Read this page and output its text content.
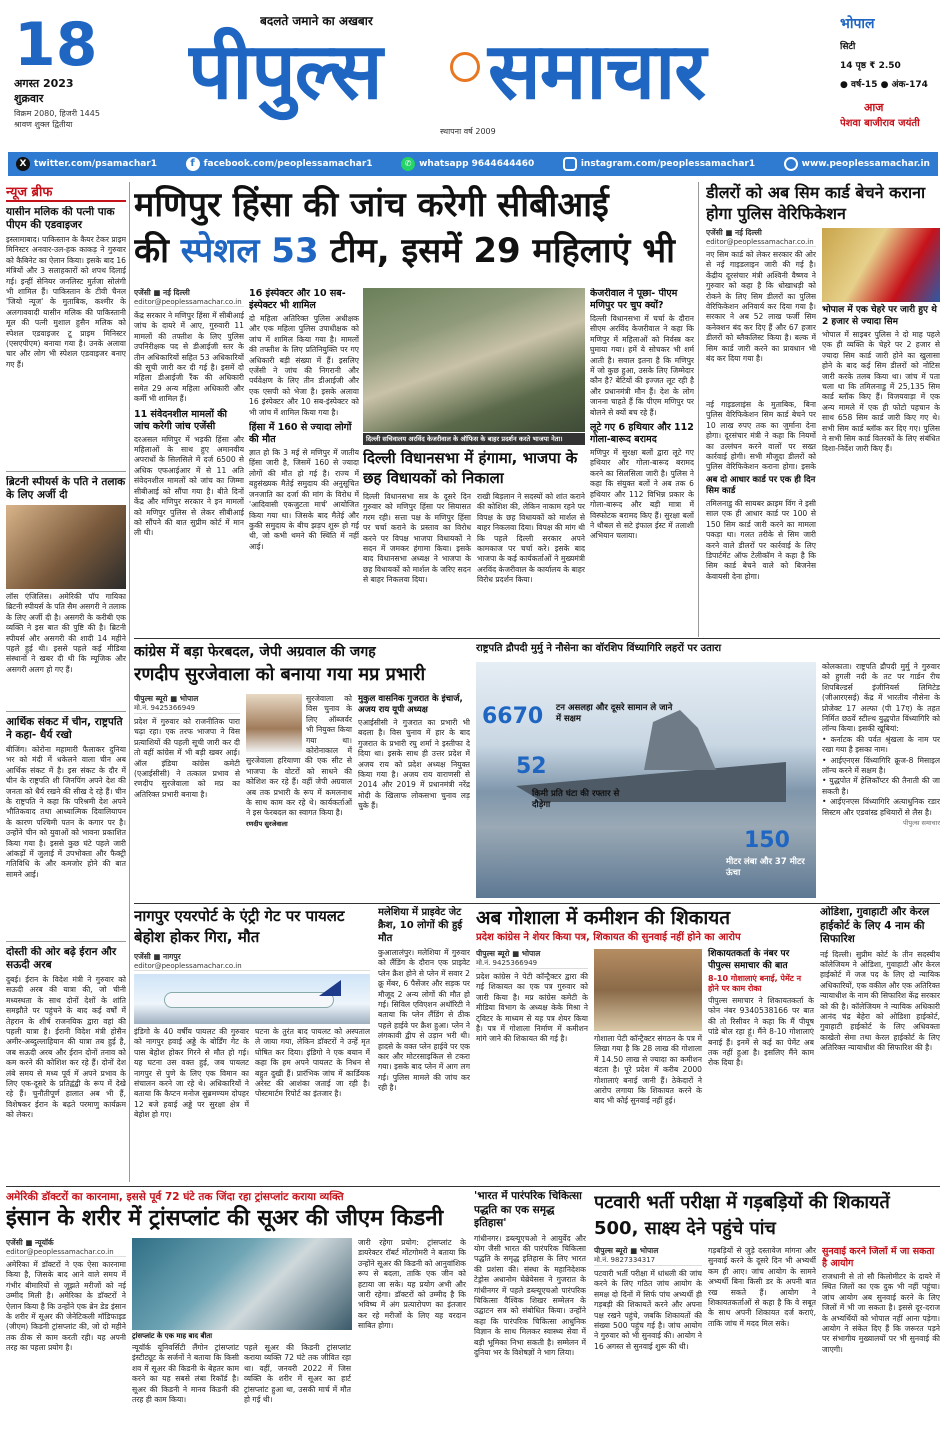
18
अगस्त 2023
शुक्रवार
विक्रम 2080, हिजरी 1445
श्रावण शुक्ल द्वितीया
बदलते जमाने का अखबार
पीपुल्स समाचार
स्थापना वर्ष 2009
भोपाल
सिटी
14 पृष्ठ ₹ 2.50
● वर्ष-15 ● अंक-174
आज
पेशवा बाजीराव जयंती
X twitter.com/psamachar1	f facebook.com/peoplessamachar1	✆ whatsapp 9644644460	instagram.com/peoplessamachar1	www.peoplessamachar.in
न्यूज ब्रीफ
यासीन मलिक की पत्नी पाक पीएम की एडवाइजर
इस्लामाबाद। पाकिस्तान के कैयर टेकर प्राइम मिनिस्टर अनवार-उल-हक काकड़ ने गुरुवार को कैबिनेट का ऐलान किया। इसके बाद 16 मंत्रियों और 3 सलाहकारों को शपथ दिलाई गई। इन्हीं सेनियर जनलिस्ट मुर्तजा सोलंगी भी शामिल हैं। पाकिस्तान के टीवी चैनल 'जियो न्यूज' के मुताबिक, कश्मीर के अलगाववादी यासीन मलिक की पाकिस्तानी मूल की पत्नी मुशाल हुसैन मलिक को स्पेशल एडवाइजर टू प्राइम मिनिस्टर (एसएपीएम) बनाया गया है। उनके अलावा चार और लोग भी स्पेशल एडवाइजर बनाए गए हैं।
ब्रिटनी स्पीयर्स के पति ने तलाक के लिए अर्जी दी
लॉस एंजिलिस। अमेरिकी पॉप गायिका ब्रिटनी स्पीयर्स के पति सैम असगरी ने तलाक के लिए अर्जी दी है। असगरी के करीबी एक व्यक्ति ने इस बात की पुष्टि की है। ब्रिटनी स्पीयर्स और असगरी की शादी 14 महीने पहले हुई थी। इससे पहले कई मीडिया संस्थानों ने खबर दी थी कि म्यूजिक और असगरी अलग हो गए हैं।
आर्थिक संकट में चीन, राष्ट्रपति ने कहा- धैर्य रखो
बीजिंग। कोरोना महामारी फैलाकर दुनिया भर को मंदी में धकेलने वाला चीन अब आर्थिक संकट में है। इस संकट के दौर में चीन के राष्ट्रपति शी जिनपिंग अपने देश की जनता को धैर्य रखने की सीख दे रहे हैं। चीन के राष्ट्रपति ने कहा कि परिश्रमी देश अपने भौतिकवाद तथा आध्यात्मिक दिवालियापन के कारण पश्चिमी पतन के कगार पर है। उन्होंने चीन को युवाओं को भावना प्रकाशित किया गया है। इससे कुछ घंटे पहले जारी आंकड़ों में जुलाई में उपभोक्ता और फैक्ट्री गतिविधि के और कमजोर होने की बात सामने आई।
दोस्ती की ओर बढ़े ईरान और सऊदी अरब
दुबई। ईरान के विदेश मंत्री ने गुरुवार को सऊदी अरब की यात्रा की, जो चीनी मध्यस्थता के साथ दोनों देशों के शांति समझौते पर पहुंचने के बाद कई वर्षों में तेहरान के शीर्ष राजनयिक द्वारा वहां की पहली यात्रा है। ईरानी विदेश मंत्री होसैन अमीर-अब्दुल्लाहियान की यात्रा तब हुई है, जब सऊदी अरब और ईरान दोनों तनाव को कम करने की कोशिश कर रहे हैं। दोनों देश लंबे समय से मध्य पूर्व में अपने प्रभाव के लिए एक-दूसरे के प्रतिद्वंद्वी के रूप में देखे रहे हैं। चुनौतीपूर्ण हालात अब भी हैं, विशेषकर ईरान के बढ़ते परमाणु कार्यक्रम को लेकर।
मणिपुर हिंसा की जांच करेगी सीबीआई
की स्पेशल 53 टीम, इसमें 29 महिलाएं भी
एजेंसी ■ नई दिल्ली
editor@peoplessamachar.co.in
केंद्र सरकार ने मणिपुर हिंसा में सीबीआई जांच के दायरे में आए, गुरुवारी 11 मामलों की तफ्तीश के लिए पुलिस उपनिरीक्षक पद से डीआईजी स्तर के तीन अधिकारियों सहित 53 अधिकारियों की सूची जारी कर दी गई है। इसमें दो महिला डीआईजी रैंक की अधिकारी समेत 29 अन्य महिला अधिकारी और कर्मी भी शामिल हैं।
11 संवेदनशील मामलों की जांच करेगी जांच एजेंसी
दरअसल मणिपुर में भड़की हिंसा और महिलाओं के साथ हुए अमानवीय अपराधों के सिलसिले में दर्ज 6500 से अधिक एफआईआर में से 11 अति संवेदनशील मामलों को जांच का जिम्मा सीबीआई को सौंपा गया है। बीते दिनों केंद्र और मणिपुर सरकार ने इन मामलों को मणिपुर पुलिस से लेकर सीबीआई को सौंपने की बात सुप्रीम कोर्ट में मान ली थी।
16 इंस्पेक्टर और 10 सब-इंस्पेक्टर भी शामिल
दो महिला अतिरिक्त पुलिस अधीक्षक और एक महिला पुलिस उपाधीक्षक को जांच में शामिल किया गया है। मामलों की तफ्तीश के लिए प्रतिनियुक्ति पर गए अधिकारी बड़ी संख्या में हैं। इसलिए एजेंसी ने जांच की निगरानी और पर्यवेक्षण के लिए तीन डीआईजी और एक एसपी को भेजा है। इसके अलावा 16 इंस्पेक्टर और 10 सब-इंस्पेक्टर को भी जांच में शामिल किया गया है।
हिंसा में 160 से ज्यादा लोगों की मौत
ज्ञात हो कि 3 मई से मणिपुर में जातीय हिंसा जारी है, जिसमें 160 से ज्यादा लोगों की मौत हो गई है। राज्य में बहुसंख्यक मैतेई समुदाय की अनुसूचित जनजाति का दर्जा की मांग के विरोध में 'आदिवासी एकजुटता मार्च' आयोजित किया गया था। जिसके बाद मैतेई और कुकी समुदाय के बीच झड़प शुरू हो गई थी, जो कभी थमने की स्थिति में नहीं आई।
दिल्ली सचिवालय अरविंद केजरीवाल के ऑफिस के बाहर प्रदर्शन करते भाजपा नेता।
केजरीवाल ने पूछा- पीएम मणिपुर पर चुप क्यों?
दिल्ली विधानसभा में चर्चा के दौरान सीएम अरविंद केजरीवाल ने कहा कि मणिपुर में महिलाओं को निर्वस्त्र कर घुमाया गया। हमें ये सोचकर भी शर्म आती है। सवाल इतना है कि मणिपुर में जो कुछ हुआ, उसके लिए जिम्मेदार कौन है? बेटियों की इज्जत लूट रही है और प्रधानमंत्री मौन हैं। देश के लोग जानना चाहते हैं कि पीएम मणिपुर पर बोलने से क्यों बच रहे हैं।
लूटे गए 6 हथियार और 112 गोला-बारूद बरामद
मणिपुर में सुरक्षा बलों द्वारा लूटे गए हथियार और गोला-बारूद बरामद करने का सिलसिला जारी है। पुलिस ने कहा कि संयुक्त बलों ने अब तक 6 हथियार और 112 विभिन्न प्रकार के गोला-बारूद और बड़ी मात्रा में विस्फोटक बरामद किए हैं। सुरक्षा बलों ने थौबल से सटे इंफाल ईस्ट में तलाशी अभियान चलाया।
दिल्ली विधानसभा में हंगामा, भाजपा के छह विधायकों को निकाला
दिल्ली विधानसभा सत्र के दूसरे दिन गुरुवार को मणिपुर हिंसा पर सियासत गरम रही। सत्ता पक्ष के मणिपुर हिंसा पर चर्चा कराने के प्रस्ताव का विरोध करने पर विपक्ष भाजपा विधायकों ने सदन में जमकर हंगामा किया। इसके बाद विधानसभा अध्यक्ष ने भाजपा के छह विधायकों को मार्शल के जरिए सदन से बाहर निकलवा दिया।
राखी बिड़लान ने सदस्यों को शांत कराने की कोशिश की, लेकिन नाकाम रहने पर विपक्ष के छह विधायकों को मार्शल से बाहर निकलवा दिया। विपक्ष की मांग थी कि पहले दिल्ली सरकार अपने कामकाज पर चर्चा करे। इसके बाद भाजपा के कई कार्यकर्ताओं ने मुख्यमंत्री अरविंद केजरीवाल के कार्यालय के बाहर विरोध प्रदर्शन किया।
डीलरों को अब सिम कार्ड बेचने कराना होगा पुलिस वेरिफिकेशन
एजेंसी ■ नई दिल्ली
editor@peoplessamachar.co.in
नए सिम कार्ड को लेकर सरकार की ओर से नई गाइडलाइन जारी की गई है। केंद्रीय दूरसंचार मंत्री अश्विनी वैष्णव ने गुरुवार को कहा है कि धोखाधड़ी को रोकने के लिए सिम डीलरों का पुलिस वेरिफिकेशन अनिवार्य कर दिया गया है। सरकार ने अब 52 लाख फर्जी सिम कनेक्शन बंद कर दिए हैं और 67 हजार डीलरों को ब्लैकलिस्ट किया है। बल्क में सिम कार्ड जारी करने का प्रावधान भी बंद कर दिया गया है।
नई गाइडलाइंस के मुताबिक, बिना पुलिस वेरिफिकेशन सिम कार्ड बेचने पर 10 लाख रुपए तक का जुर्माना देना होगा। दूरसंचार मंत्री ने कहा कि नियमों का उल्लंघन करने वालों पर सख्त कार्रवाई होगी। सभी मौजूदा डीलरों को पुलिस वेरिफिकेशन कराना होगा। इसके
अब दो आधार कार्ड पर एक ही दिन सिम कार्ड
तमिलनाडु की सायबर क्राइम विंग ने इसी साल एक ही आधार कार्ड पर 100 से 150 सिम कार्ड जारी करने का मामला पकड़ा था। गलत तरीके से सिम जारी करने वाले डीलरों पर कार्रवाई के लिए डिपार्टमेंट ऑफ टेलीकॉम ने कहा है कि सिम कार्ड बेचने वाले को बिजनेस केवायसी देना होगा।
भोपाल में एक चेहरे पर जारी हुए थे 2 हजार से ज्यादा सिम
भोपाल में साइबर पुलिस ने दो माह पहले एक ही व्यक्ति के चेहरे पर 2 हजार से ज्यादा सिम कार्ड जारी होने का खुलासा होने के बाद कई सिम डीलरों को नोटिस जारी करके तलब किया था। जांच में पता चला था कि तमिलनाडु में 25,135 सिम कार्ड ब्लॉक किए हैं। विजयवाड़ा में एक अन्य मामले में एक ही फोटो पहचान के साथ 658 सिम कार्ड जारी किए गए थे। सभी सिम कार्ड ब्लॉक कर दिए गए। पुलिस ने सभी सिम कार्ड वितरकों के लिए संबंधित दिशा-निर्देश जारी किए हैं।
कांग्रेस में बड़ा फेरबदल, जेपी अग्रवाल की जगह
रणदीप सुरजेवाला को बनाया गया मप्र प्रभारी
पीपुल्स ब्यूरो ■ भोपाल
मो.नं. 9425366949
प्रदेश में गुरुवार को राजनीतिक पारा चढ़ा रहा। एक तरफ भाजपा ने विस प्रत्याशियों की पहली सूची जारी कर दी तो वहीं कांग्रेस में भी बड़ी खबर आई। ऑल इंडिया कांग्रेस कमेटी (एआईसीसी) ने तत्काल प्रभाव से रणदीप सुरजेवाला को मप्र का अतिरिक्त प्रभारी बनाया है।
सुरजेवाला को विस चुनाव के लिए ऑब्जर्वर भी नियुक्त किया गया था। कोरोनाकाल में सुरजेवाला हरियाणा की एक सीट से भाजपा के वोटरों को साधने की कोशिश कर रहे हैं। वहीं जेपी अग्रवाल अब तक प्रभारी के रूप में कमलनाथ के साथ काम कर रहे थे। कार्यकर्ताओं ने इस फेरबदल का स्वागत किया है।
रणदीप सुरजेवाला
मुकुल वासनिक गुजरात के इंचार्ज, अजय राय यूपी अध्यक्ष
एआईसीसी ने गुजरात का प्रभारी भी बदला है। विस चुनाव में हार के बाद गुजरात के प्रभारी रघु शर्मा ने इस्तीफा दे दिया था। इसके साथ ही उत्तर प्रदेश में अजय राय को प्रदेश अध्यक्ष नियुक्त किया गया है। अजय राय वाराणसी से 2014 और 2019 में प्रधानमंत्री नरेंद्र मोदी के खिलाफ लोकसभा चुनाव लड़ चुके हैं।
राष्ट्रपति द्रौपदी मुर्मु ने नौसेना का वॉरशिप विंध्यागिरि लहरों पर उतारा
6670 टन असलहा और दूसरे सामान ले जाने में सक्षम
52
किमी प्रति घंटा की रफ्तार से दौड़ेगा
150
मीटर लंबा और 37 मीटर ऊंचा
कोलकाता। राष्ट्रपति द्रौपदी मुर्मु ने गुरुवार को हुगली नदी के तट पर गार्डन रीच शिपबिल्डर्स इंजीनियर्स लिमिटेड (जीआरएसई) केंद्र में भारतीय नौसेना के प्रोजेक्ट 17 अल्फा (पी 17ए) के तहत निर्मित छठवें स्टील्थ युद्धपोत विंध्यागिरि को लॉन्च किया। इसकी खूबियां:
• कर्नाटक की पर्वत श्रृंखला के नाम पर रखा गया है इसका नाम।
• आईएनएस विंध्यागिरि क्रूज-8 मिसाइल लॉन्च करने में सक्षम है।
• युद्धपोत में हेलिकॉप्टर की तैनाती की जा सकती है।
• आईएनएस विंध्यागिरि अत्याधुनिक रडार सिस्टम और एडवांस्ड हथियारों से लैस है।
पीपुल्स समाचार
नागपुर एयरपोर्ट के एंट्री गेट पर पायलट बेहोश होकर गिरा, मौत
एजेंसी ■ नागपुर
editor@peoplessamachar.co.in
इंडिगो के 40 वर्षीय पायलट की गुरुवार को नागपुर हवाई अड्डे के बोर्डिंग गेट के पास बेहोश होकर गिरने से मौत हो गई। यह घटना उस वक्त हुई, जब पायलट नागपुर से पुणे के लिए एक विमान का संचालन करने जा रहे थे। अधिकारियों ने बताया कि कैप्टन मनोज सुब्रमण्यम दोपहर 12 बजे हवाई अड्डे पर सुरक्षा क्षेत्र में बेहोश हो गए।
घटना के तुरंत बाद पायलट को अस्पताल ले जाया गया, लेकिन डॉक्टरों ने उन्हें मृत घोषित कर दिया। इंडिगो ने एक बयान में कहा कि हम अपने पायलट के निधन से बहुत दुखी हैं। प्रारंभिक जांच में कार्डियक अरेस्ट की आशंका जताई जा रही है। पोस्टमार्टम रिपोर्ट का इंतजार है।
मलेशिया में प्राइवेट जेट क्रैश, 10 लोगों की हुई मौत
कुआलालंपुर। मलेशिया में गुरुवार को लैंडिंग के दौरान एक प्राइवेट प्लेन क्रैश होने से प्लेन में सवार 2 क्रू मेंबर, 6 पैसेंजर और सड़क पर मौजूद 2 अन्य लोगों की मौत हो गई। सिविल एविएशन अथॉरिटी ने बताया कि प्लेन लैंडिंग से ठीक पहले हाईवे पर क्रैश हुआ। प्लेन ने लंगकावी द्वीप से उड़ान भरी थी। हादसे के वक्त प्लेन हाईवे पर एक कार और मोटरसाइकिल से टकरा गया। इसके बाद प्लेन में आग लग गई। पुलिस मामले की जांच कर रही है।
अब गोशाला में कमीशन की शिकायत
प्रदेश कांग्रेस ने शेयर किया पत्र, शिकायत की सुनवाई नहीं होने का आरोप
पीपुल्स ब्यूरो ■ भोपाल
मो.नं. 9425366949
प्रदेश कांग्रेस ने पेटी कॉन्ट्रैक्टर द्वारा की गई शिकायत का एक पत्र गुरुवार को जारी किया है। मप्र कांग्रेस कमेटी के मीडिया विभाग के अध्यक्ष केके मिश्रा ने ट्विटर के माध्यम से यह पत्र शेयर किया है। पत्र में गोशाला निर्माण में कमीशन मांगे जाने की शिकायत की गई है।	गोशाला पेटी कॉन्ट्रैक्टर संगठन के पत्र में लिखा गया है कि 28 लाख की गोशाला में 14.50 लाख से ज्यादा का कमीशन बंटता है। पूरे प्रदेश में करीब 2000 गोशालाएं बनाई जानी हैं। ठेकेदारों ने आरोप लगाया कि शिकायत करने के बाद भी कोई सुनवाई नहीं हुई।
शिकायतकर्ता के नंबर पर पीपुल्स समाचार की बात
8-10 गोशालाएं बनाई, पेमेंट न होने पर काम रोका
पीपुल्स समाचार ने शिकायतकर्ता के फोन नंबर 9340538166 पर बात की तो रिसीवर ने कहा कि मैं पीयूष पांडे बोल रहा हूं। मैंने 8-10 गोशालाएं बनाई हैं। इनमें से कई का पेमेंट अब तक नहीं हुआ है। इसलिए मैंने काम रोक दिया है।
ओडिशा, गुवाहाटी और केरल हाईकोर्ट के लिए 4 नाम की सिफारिश
नई दिल्ली। सुप्रीम कोर्ट के तीन सदस्यीय कॉलेजियम ने ओडिशा, गुवाहाटी और केरल हाईकोर्ट में जज पद के लिए दो न्यायिक अधिकारियों, एक वकील और एक अतिरिक्त न्यायाधीश के नाम की सिफारिश केंद्र सरकार को की है। कॉलेजियम ने न्यायिक अधिकारी आनंद चंद्र बेहेरा को ओडिशा हाईकोर्ट, गुवाहाटी हाईकोर्ट के लिए अधिवक्ता काखेतो सेमा तथा केरल हाईकोर्ट के लिए अतिरिक्त न्यायाधीश की सिफारिश की है।
अमेरिकी डॉक्टरों का कारनामा, इससे पूर्व 72 घंटे तक जिंदा रहा ट्रांसप्लांट कराया व्यक्ति
इंसान के शरीर में ट्रांसप्लांट की सूअर की जीएम किडनी
एजेंसी ■ न्यूयॉर्क
editor@peoplessamachar.co.in
अमेरिका में डॉक्टरों ने एक ऐसा कारनामा किया है, जिसके बाद आने वाले समय में गंभीर बीमारियों से जूझते मरीजों को नई उम्मीद मिली है। अमेरिका के डॉक्टरों ने ऐलान किया है कि उन्होंने एक ब्रेन डेड इंसान के शरीर में सूअर की जेनेटिकली मॉडिफाइड (जीएम) किडनी ट्रांसप्लांट की, जो दो महीने तक ठीक से काम करती रही। यह अपनी तरह का पहला प्रयोग है।
ट्रांसप्लांट के एक माह बाद बीता
न्यूयॉर्क यूनिवर्सिटी लैंगोन ट्रांसप्लांट इंस्टीट्यूट के सर्जनों ने बताया कि किसी शव में सूअर की किडनी के बेहतर काम करने का यह सबसे लंबा रिकॉर्ड है। सूअर की किडनी ने मानव किडनी की तरह ही काम किया।
पहले सूअर की किडनी ट्रांसप्लांट कराया व्यक्ति 72 घंटे तक जीवित रहा था। वहीं, जनवरी 2022 में जिस व्यक्ति के शरीर में सूअर का हार्ट ट्रांसप्लांट हुआ था, उसकी मार्च में मौत हो गई थी।
जारी रहेगा प्रयोग: ट्रांसप्लांट के डायरेक्टर रॉबर्ट मोंटगोमरी ने बताया कि उन्होंने सूअर की किडनी को आनुवांशिक रूप से बदला, ताकि एक जीन को हटाया जा सके। यह प्रयोग अभी और जारी रहेगा। डॉक्टरों को उम्मीद है कि भविष्य में अंग प्रत्यारोपण का इंतजार कर रहे मरीजों के लिए यह वरदान साबित होगा।
'भारत में पारंपरिक चिकित्सा पद्धति का एक समृद्ध इतिहास'
गांधीनगर। डब्ल्यूएचओ ने आयुर्वेद और योग जैसी भारत की पारंपरिक चिकित्सा पद्धति के समृद्ध इतिहास के लिए भारत की प्रशंसा की। संस्था के महानिदेशक टेड्रोस अधानोम घेब्रेयेसस ने गुजरात के गांधीनगर में पहले डब्ल्यूएचओ पारंपरिक चिकित्सा वैश्विक शिखर सम्मेलन के उद्घाटन सत्र को संबोधित किया। उन्होंने कहा कि पारंपरिक चिकित्सा आधुनिक विज्ञान के साथ मिलकर स्वास्थ्य सेवा में बड़ी भूमिका निभा सकती है। सम्मेलन में दुनिया भर के विशेषज्ञों ने भाग लिया।
पटवारी भर्ती परीक्षा में गड़बड़ियों की शिकायतें 500, साक्ष्य देने पहुंचे पांच
पीपुल्स ब्यूरो ■ भोपाल
मो.नं. 9827334317
पटवारी भर्ती परीक्षा में धांधली की जांच करने के लिए गठित जांच आयोग के समक्ष दो दिनों में सिर्फ पांच अभ्यर्थी ही गड़बड़ी की शिकायतें करने और अपना पक्ष रखने पहुंचे, जबकि शिकायतों की संख्या 500 पहुंच गई है। जांच आयोग ने गुरुवार को भी सुनवाई की। आयोग ने 16 अगस्त से सुनवाई शुरू की थी।
गड़बड़ियों से जुड़े दस्तावेज मांगना और सुनवाई करने के दूसरे दिन भी अभ्यर्थी कम ही आए। जांच आयोग के सामने अभ्यर्थी बिना किसी डर के अपनी बात रख सकते हैं। आयोग ने शिकायतकर्ताओं से कहा है कि वे सबूत के साथ अपनी शिकायत दर्ज कराएं, ताकि जांच में मदद मिल सके।
सुनवाई करने जिलों में जा सकता है आयोग
राजधानी से तो सौ किलोमीटर के दायरे में स्थित जिलों का एक दुक भी नहीं पहुंचा। जांच आयोग अब सुनवाई करने के लिए जिलों में भी जा सकता है। इससे दूर-दराज के अभ्यर्थियों को भोपाल नहीं आना पड़ेगा। आयोग ने संकेत दिए हैं कि जरूरत पड़ने पर संभागीय मुख्यालयों पर भी सुनवाई की जाएगी।
